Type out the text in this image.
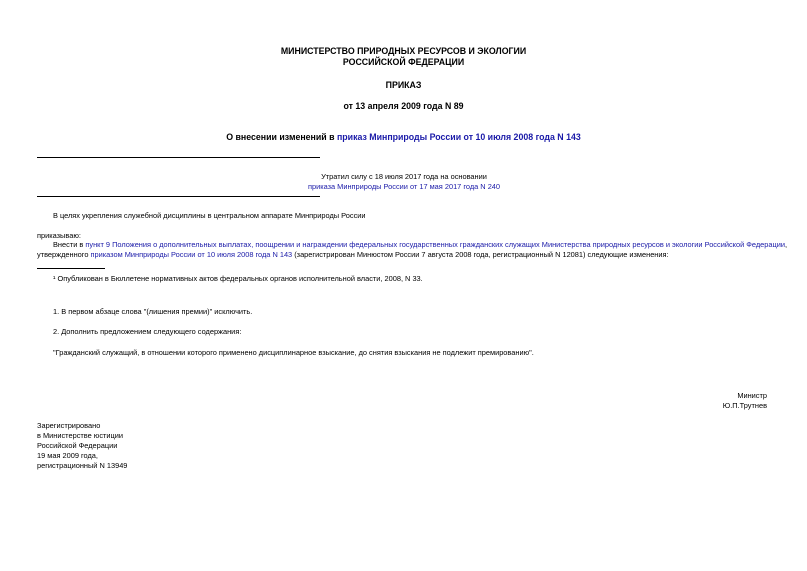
МИНИСТЕРСТВО ПРИРОДНЫХ РЕСУРСОВ И ЭКОЛОГИИ
РОССИЙСКОЙ ФЕДЕРАЦИИ
ПРИКАЗ
от 13 апреля 2009 года N 89
О внесении изменений в приказ Минприроды России от 10 июля 2008 года N 143
Утратил силу с 18 июля 2017 года на основании
приказа Минприроды России от 17 мая 2017 года N 240
В целях укрепления служебной дисциплины в центральном аппарате Минприроды России
приказываю:
Внести в пункт 9 Положения о дополнительных выплатах, поощрении и награждении федеральных государственных гражданских служащих Министерства природных ресурсов и экологии Российской Федерации,
утвержденного приказом Минприроды России от 10 июля 2008 года N 143 (зарегистрирован Минюстом России 7 августа 2008 года, регистрационный N 12081) следующие изменения:
¹ Опубликован в Бюллетене нормативных актов федеральных органов исполнительной власти, 2008, N 33.
1. В первом абзаце слова "(лишения премии)" исключить.
2. Дополнить предложением следующего содержания:
"Гражданский служащий, в отношении которого применено дисциплинарное взыскание, до снятия взыскания не подлежит премированию".
Министр
Ю.П.Трутнев
Зарегистрировано
в Министерстве юстиции
Российской Федерации
19 мая 2009 года,
регистрационный N 13949
